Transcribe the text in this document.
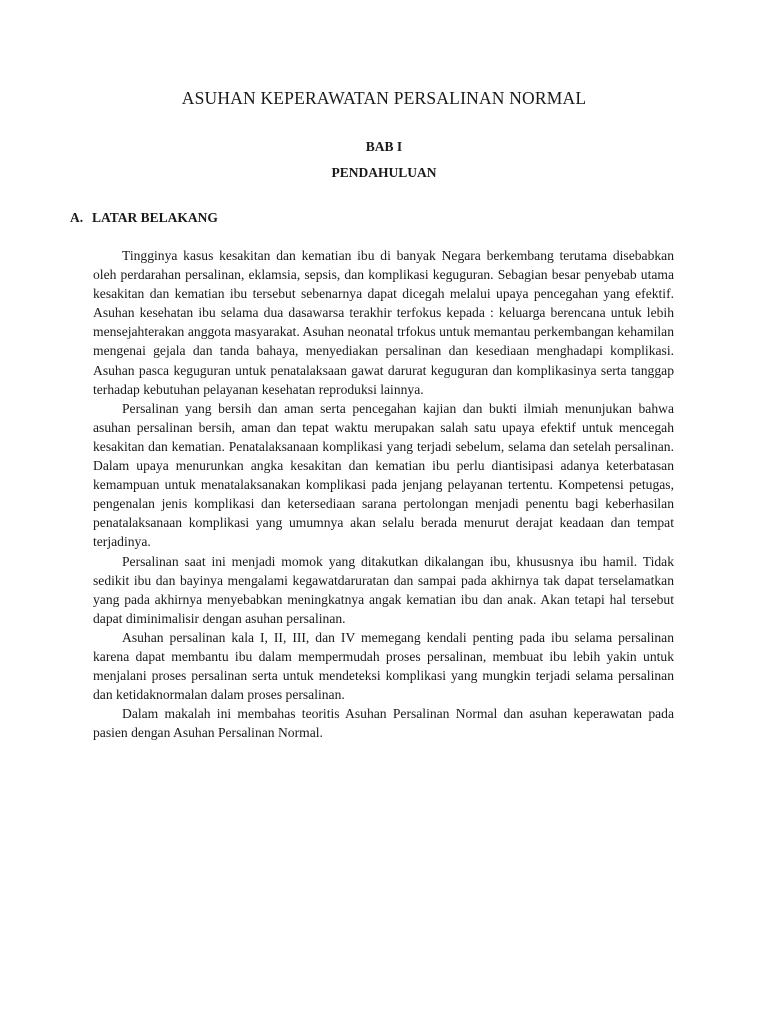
ASUHAN KEPERAWATAN PERSALINAN NORMAL
BAB I
PENDAHULUAN
A. LATAR BELAKANG

Tingginya kasus kesakitan dan kematian ibu di banyak Negara berkembang terutama disebabkan oleh perdarahan persalinan, eklamsia, sepsis, dan komplikasi keguguran. Sebagian besar penyebab utama kesakitan dan kematian ibu tersebut sebenarnya dapat dicegah melalui upaya pencegahan yang efektif. Asuhan kesehatan ibu selama dua dasawarsa terakhir terfokus kepada : keluarga berencana untuk lebih mensejahterakan anggota masyarakat. Asuhan neonatal trfokus untuk memantau perkembangan kehamilan mengenai gejala dan tanda bahaya, menyediakan persalinan dan kesediaan menghadapi komplikasi. Asuhan pasca keguguran untuk penatalaksaan gawat darurat keguguran dan komplikasinya serta tanggap terhadap kebutuhan pelayanan kesehatan reproduksi lainnya.

Persalinan yang bersih dan aman serta pencegahan kajian dan bukti ilmiah menunjukan bahwa asuhan persalinan bersih, aman dan tepat waktu merupakan salah satu upaya efektif untuk mencegah kesakitan dan kematian. Penatalaksanaan komplikasi yang terjadi sebelum, selama dan setelah persalinan. Dalam upaya menurunkan angka kesakitan dan kematian ibu perlu diantisipasi adanya keterbatasan kemampuan untuk menatalaksanakan komplikasi pada jenjang pelayanan tertentu. Kompetensi petugas, pengenalan jenis komplikasi dan ketersediaan sarana pertolongan menjadi penentu bagi keberhasilan penatalaksanaan komplikasi yang umumnya akan selalu berada menurut derajat keadaan dan tempat terjadinya.

Persalinan saat ini menjadi momok yang ditakutkan dikalangan ibu, khususnya ibu hamil. Tidak sedikit ibu dan bayinya mengalami kegawatdaruratan dan sampai pada akhirnya tak dapat terselamatkan yang pada akhirnya menyebabkan meningkatnya angak kematian ibu dan anak. Akan tetapi hal tersebut dapat diminimalisir dengan asuhan persalinan.

Asuhan persalinan kala I, II, III, dan IV memegang kendali penting pada ibu selama persalinan karena dapat membantu ibu dalam mempermudah proses persalinan, membuat ibu lebih yakin untuk menjalani proses persalinan serta untuk mendeteksi komplikasi yang mungkin terjadi selama persalinan dan ketidaknormalan dalam proses persalinan.

Dalam makalah ini membahas teoritis Asuhan Persalinan Normal dan asuhan keperawatan pada pasien dengan Asuhan Persalinan Normal.
